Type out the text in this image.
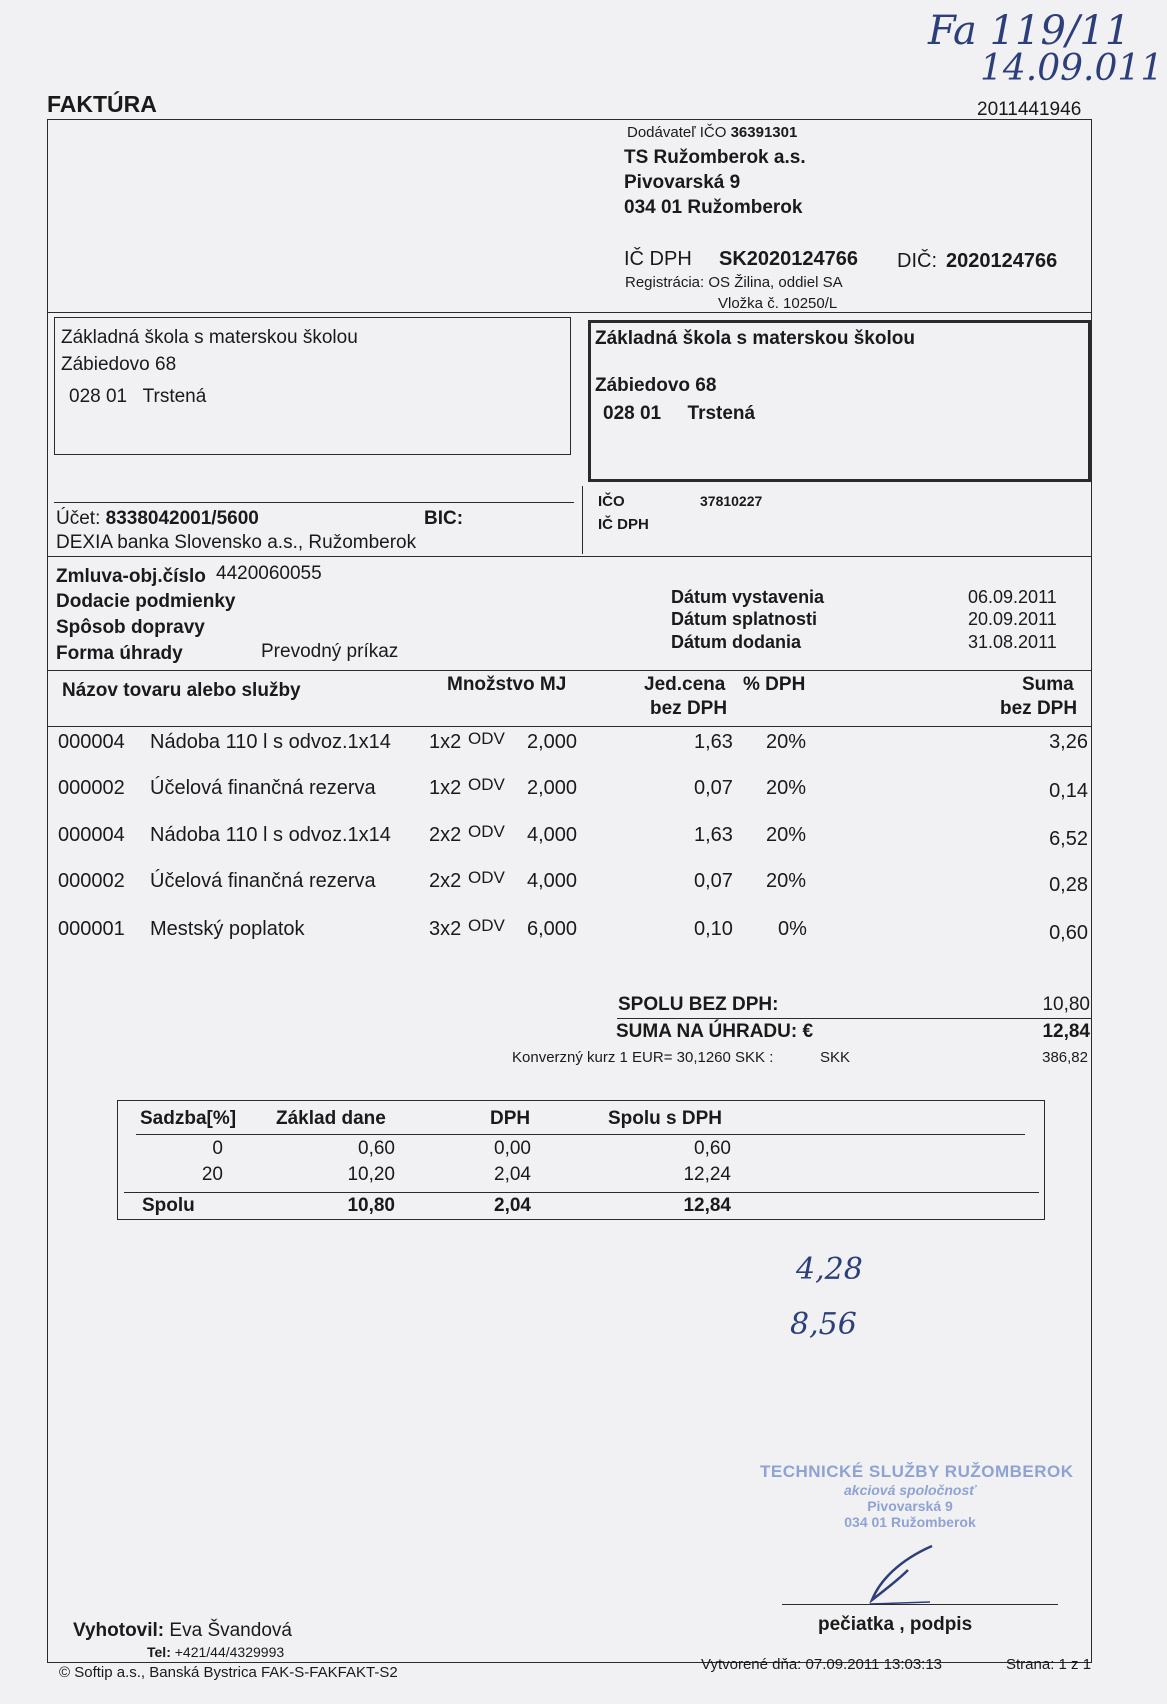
Fa 119/11
14.09.011
FAKTÚRA	2011441946
Dodávateľ IČO 36391301
TS Ružomberok a.s.
Pivovarská 9
034 01 Ružomberok
IČ DPH SK2020124766 DIČ: 2020124766
Registrácia: OS Žilina, oddiel SA
Vložka č. 10250/L
Základná škola s materskou školou
Zábiedovo 68
028 01   Trstená
Základná škola s materskou školou
Zábiedovo 68
028 01     Trstená
Účet: 8338042001/5600	BIC:
DEXIA banka Slovensko a.s., Ružomberok
IČO	37810227
IČ DPH
Zmluva-obj.číslo 4420060055
Dodacie podmienky
Spôsob dopravy
Forma úhrady	Prevodný príkaz
Dátum vystavenia	06.09.2011
Dátum splatnosti	20.09.2011
Dátum dodania	31.08.2011
Názov tovaru alebo služby	Množstvo MJ	Jed.cena
bez DPH
% DPH	Suma
bez DPH
000004 Nádoba 110 l s odvoz.1x14 1x2 ODV 2,000	1,63 20%	3,26
000002 Účelová finančná rezerva	1x2 ODV 2,000	0,07 20%	0,14
000004 Nádoba 110 l s odvoz.1x14 2x2 ODV 4,000	1,63 20%	6,52
000002 Účelová finančná rezerva	2x2 ODV 4,000	0,07 20%	0,28
000001 Mestský poplatok	3x2 ODV 6,000	0,10 0%	0,60
SPOLU BEZ DPH:	10,80
SUMA NA ÚHRADU: €	12,84
Konverzný kurz 1 EUR= 30,1260 SKK :	SKK	386,82
Sadzba[%] Základ dane	DPH	Spolu s DPH
0	0,60	0,00	0,60
20	10,20	2,04	12,24
Spolu	10,80	2,04	12,84
4,28
8,56
TECHNICKÉ SLUŽBY RUŽOMBEROK
akciová spoločnosť
Pivovarská 9
034 01 Ružomberok
pečiatka , podpis
Vyhotovil: Eva Švandová
Tel: +421/44/4329993
© Softip a.s., Banská Bystrica FAK-S-FAKFAKT-S2	Vytvorené dňa: 07.09.2011 13:03:13	Strana: 1 z 1
